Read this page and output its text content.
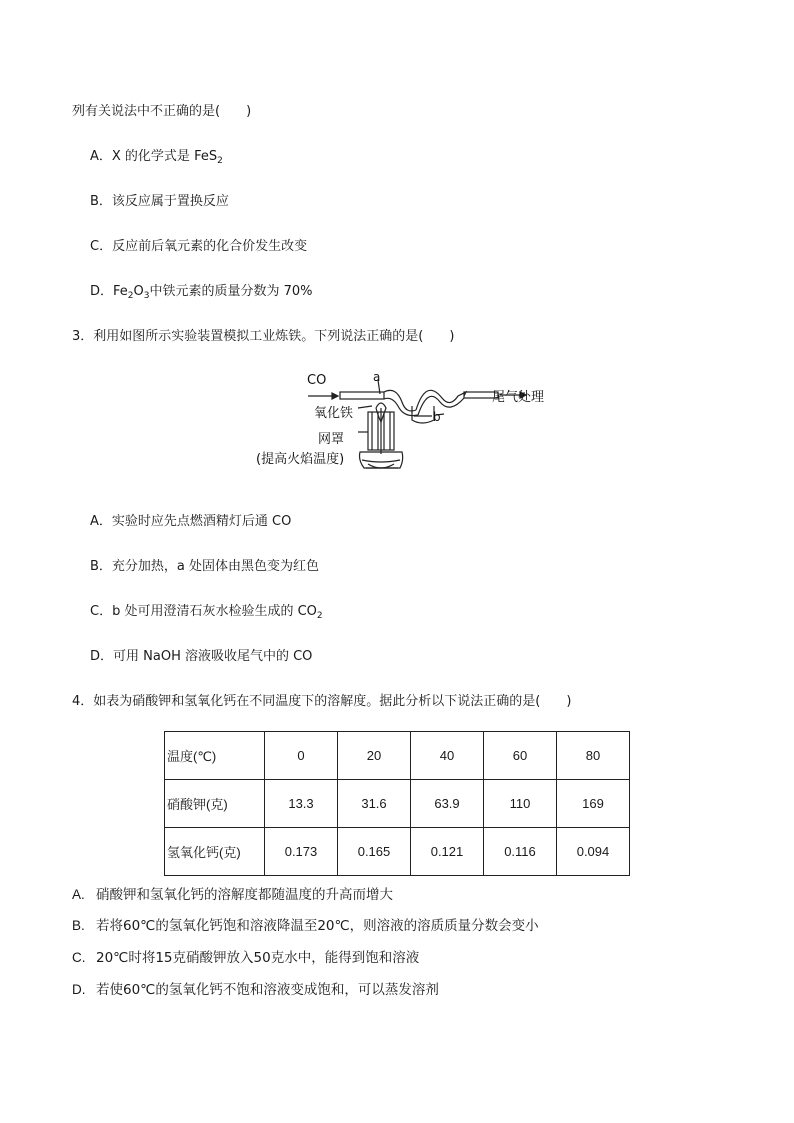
列有关说法中不正确的是(　　)
A．X 的化学式是 FeS$_2$
B．该反应属于置换反应
C．反应前后氧元素的化合价发生改变
D．$Fe_2O_3$中铁元素的质量分数为 70%
3．利用如图所示实验装置模拟工业炼铁。下列说法正确的是(　　)
CO	a
b
尾气处理
氧化铁
网罩
(提高火焰温度)
A．实验时应先点燃酒精灯后通 CO
B．充分加热，a 处固体由黑色变为红色
C．b 处可用澄清石灰水检验生成的 $CO_2$
D．可用 NaOH 溶液吸收尾气中的 CO
4．如表为硝酸钾和氢氧化钙在不同温度下的溶解度。据此分析以下说法正确的是(　　)
温度(℃)	0	20	40	60	80
硝酸钾(克)	13.3	31.6	63.9	110	169
氢氧化钙(克)	0.173	0.165	0.121	0.116	0.094
A. 硝酸钾和氢氧化钙的溶解度都随温度的升高而增大
B. 若将60℃的氢氧化钙饱和溶液降温至20℃，则溶液的溶质质量分数会变小
C. 20℃时将15克硝酸钾放入50克水中，能得到饱和溶液
D. 若使60℃的氢氧化钙不饱和溶液变成饱和，可以蒸发溶剂
